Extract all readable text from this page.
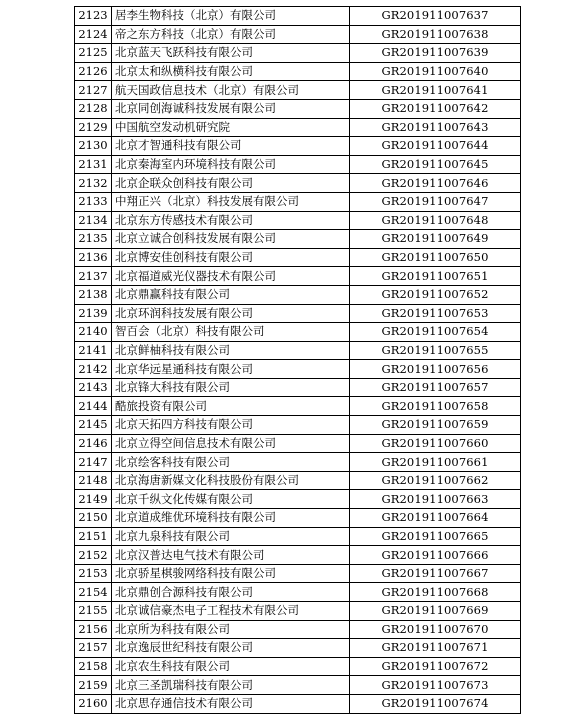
2123	居李生物科技（北京）有限公司	GR201911007637
2124	帝之东方科技（北京）有限公司	GR201911007638
2125	北京蓝天飞跃科技有限公司	GR201911007639
2126	北京太和纵横科技有限公司	GR201911007640
2127	航天国政信息技术（北京）有限公司	GR201911007641
2128	北京同创海诚科技发展有限公司	GR201911007642
2129	中国航空发动机研究院	GR201911007643
2130	北京才智通科技有限公司	GR201911007644
2131	北京秦海室内环境科技有限公司	GR201911007645
2132	北京企联众创科技有限公司	GR201911007646
2133	中翔正兴（北京）科技发展有限公司	GR201911007647
2134	北京东方传感技术有限公司	GR201911007648
2135	北京立诚合创科技发展有限公司	GR201911007649
2136	北京博安佳创科技有限公司	GR201911007650
2137	北京福道威光仪器技术有限公司	GR201911007651
2138	北京鼎赢科技有限公司	GR201911007652
2139	北京环润科技发展有限公司	GR201911007653
2140	智百会（北京）科技有限公司	GR201911007654
2141	北京鲜柚科技有限公司	GR201911007655
2142	北京华远星通科技有限公司	GR201911007656
2143	北京锋大科技有限公司	GR201911007657
2144	酷旅投资有限公司	GR201911007658
2145	北京天拓四方科技有限公司	GR201911007659
2146	北京立得空间信息技术有限公司	GR201911007660
2147	北京绘客科技有限公司	GR201911007661
2148	北京海唐新媒文化科技股份有限公司	GR201911007662
2149	北京千纵文化传媒有限公司	GR201911007663
2150	北京道成维优环境科技有限公司	GR201911007664
2151	北京九泉科技有限公司	GR201911007665
2152	北京汉普达电气技术有限公司	GR201911007666
2153	北京骄星棋骏网络科技有限公司	GR201911007667
2154	北京鼎创合源科技有限公司	GR201911007668
2155	北京诚信豪杰电子工程技术有限公司	GR201911007669
2156	北京所为科技有限公司	GR201911007670
2157	北京逸辰世纪科技有限公司	GR201911007671
2158	北京农生科技有限公司	GR201911007672
2159	北京三圣凯瑞科技有限公司	GR201911007673
2160	北京思存通信技术有限公司	GR201911007674
